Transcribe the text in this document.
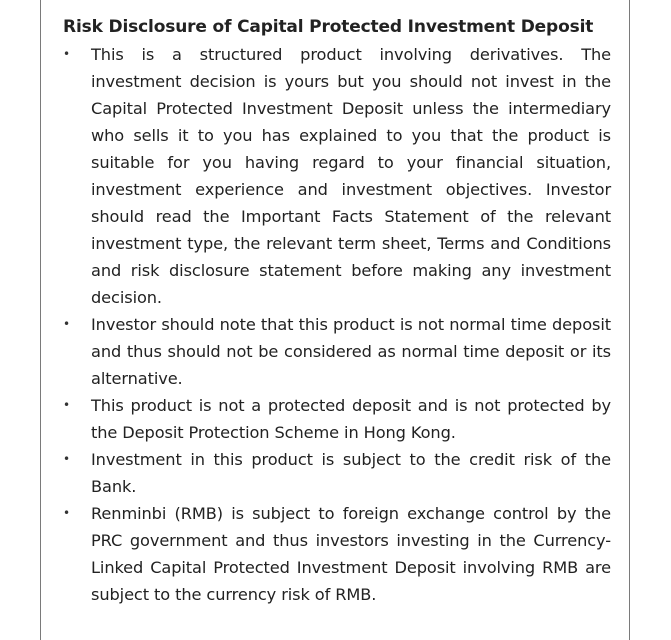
Risk Disclosure of Capital Protected Investment Deposit
• This is a structured product involving derivatives. The investment decision is yours but you should not invest in the Capital Protected Investment Deposit unless the intermediary who sells it to you has explained to you that the product is suitable for you having regard to your financial situation, investment experience and investment objectives. Investor should read the Important Facts Statement of the relevant investment type, the relevant term sheet, Terms and Conditions and risk disclosure statement before making any investment decision.
• Investor should note that this product is not normal time deposit and thus should not be considered as normal time deposit or its alternative.
• This product is not a protected deposit and is not protected by the Deposit Protection Scheme in Hong Kong.
• Investment in this product is subject to the credit risk of the Bank.
• Renminbi (RMB) is subject to foreign exchange control by the PRC government and thus investors investing in the Currency-Linked Capital Protected Investment Deposit involving RMB are subject to the currency risk of RMB.
